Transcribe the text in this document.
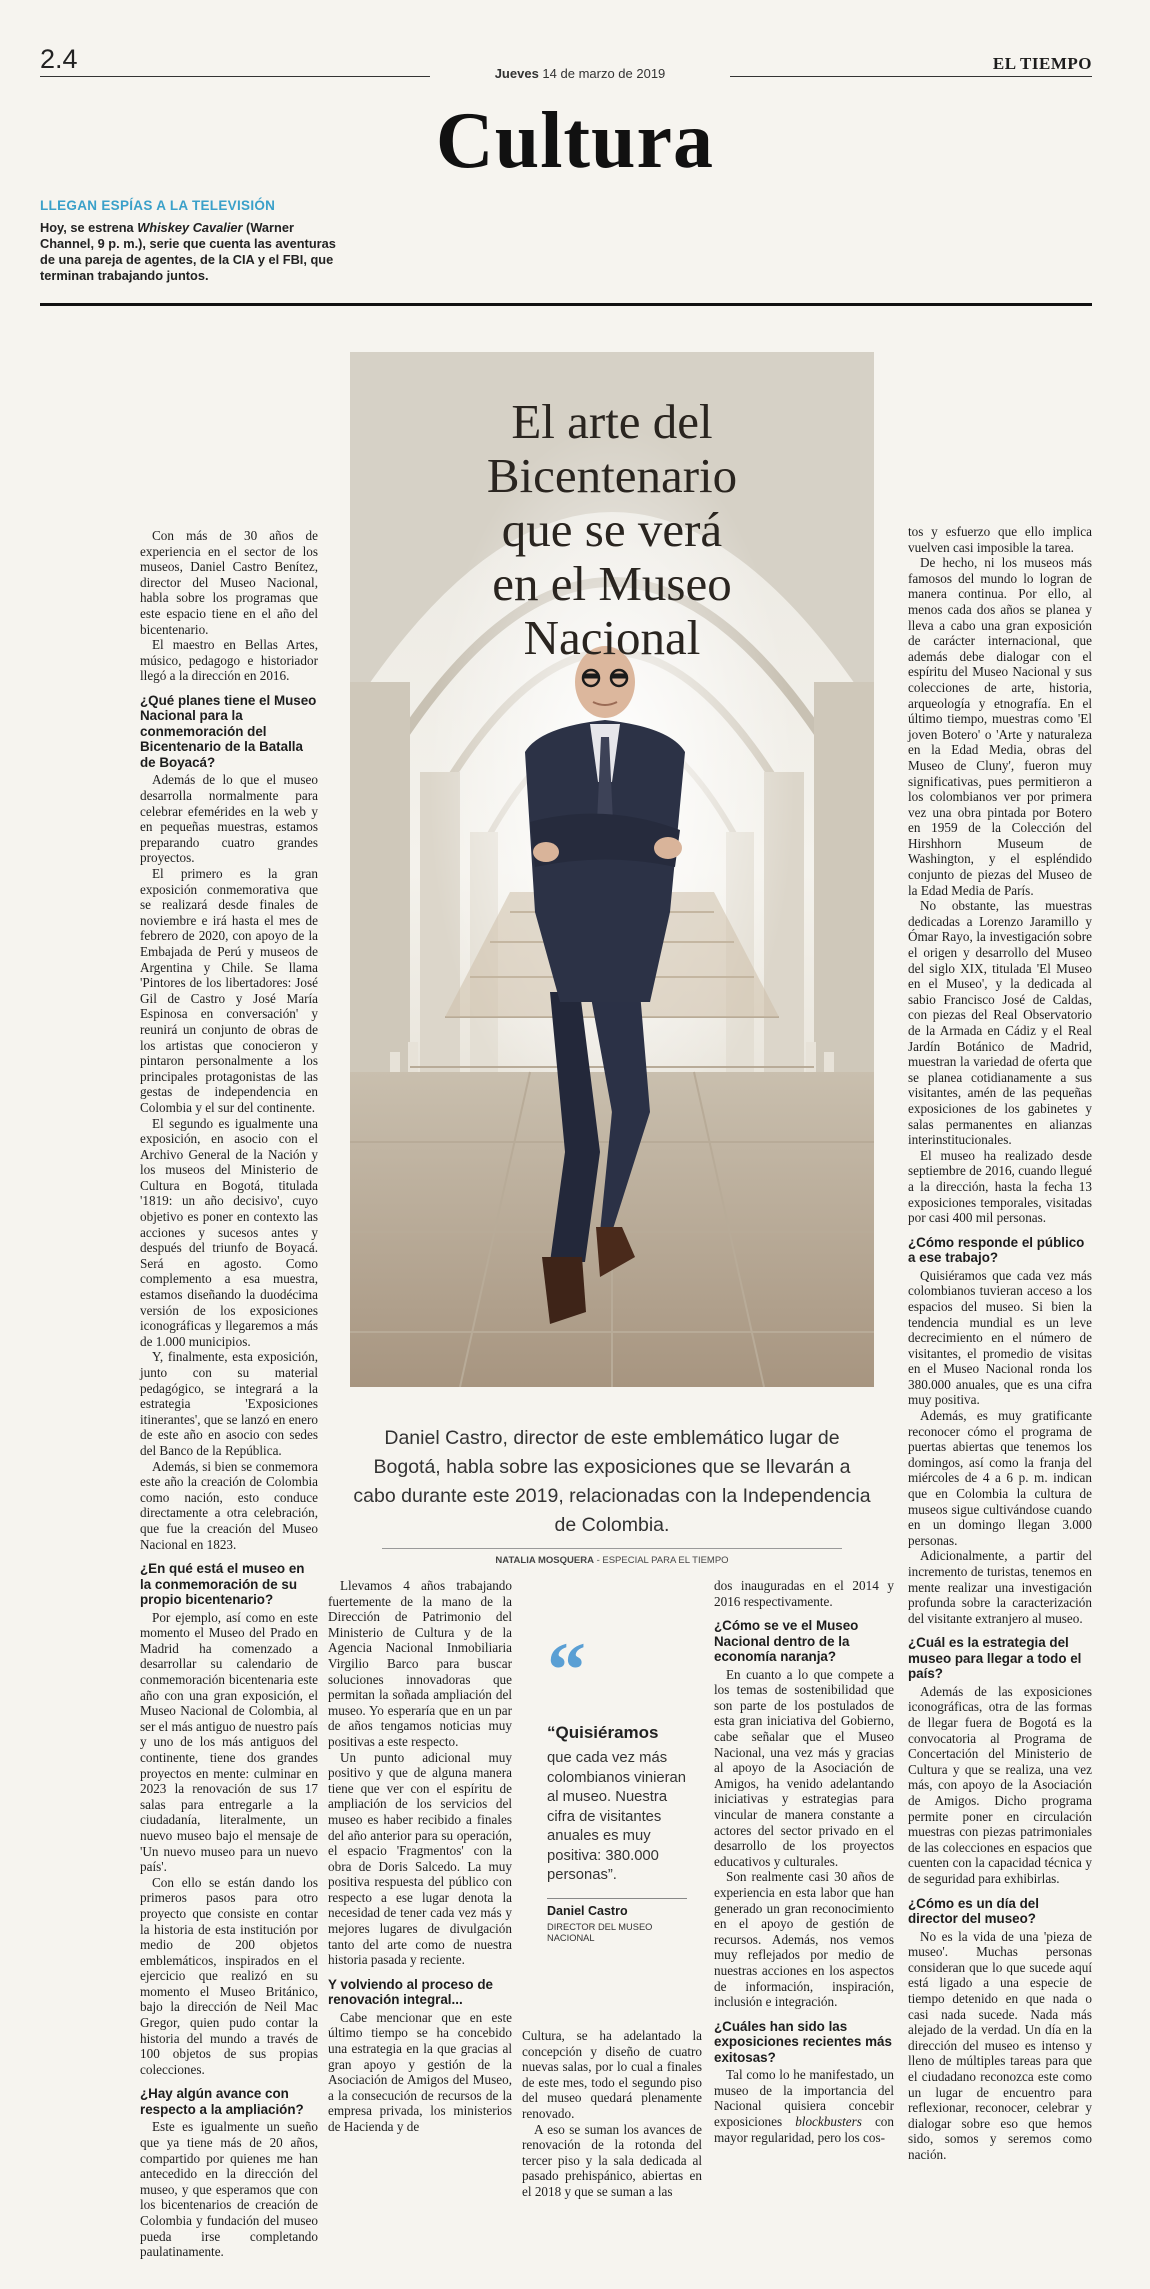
2.4	Jueves 14 de marzo de 2019
EL TIEMPO
Cultura
LLEGAN ESPÍAS A LA TELEVISIÓN
Hoy, se estrena Whiskey Cavalier (Warner Channel, 9 p. m.), serie que cuenta las aventuras de una pareja de agentes, de la CIA y el FBI, que terminan trabajando juntos.
El arte del
Bicentenario
que se verá
en el Museo
Nacional
Daniel Castro, director de este emblemático lugar de Bogotá, habla sobre las exposiciones que se llevarán a cabo durante este 2019, relacionadas con la Independencia de Colombia.
NATALIA MOSQUERA - ESPECIAL PARA EL TIEMPO

Con más de 30 años de experiencia en el sector de los museos, Daniel Castro Benítez, director del Museo Nacional, habla sobre los programas que este espacio tiene en el año del bicentenario.

El maestro en Bellas Artes, músico, pedagogo e historiador llegó a la dirección en 2016.

¿Qué planes tiene el Museo Nacional para la conmemoración del Bicentenario de la Batalla de Boyacá?

Además de lo que el museo desarrolla normalmente para celebrar efemérides en la web y en pequeñas muestras, estamos preparando cuatro grandes proyectos.

El primero es la gran exposición conmemorativa que se realizará desde finales de noviembre e irá hasta el mes de febrero de 2020, con apoyo de la Embajada de Perú y museos de Argentina y Chile. Se llama 'Pintores de los libertadores: José Gil de Castro y José María Espinosa en conversación' y reunirá un conjunto de obras de los artistas que conocieron y pintaron personalmente a los principales protagonistas de las gestas de independencia en Colombia y el sur del continente.

El segundo es igualmente una exposición, en asocio con el Archivo General de la Nación y los museos del Ministerio de Cultura en Bogotá, titulada '1819: un año decisivo', cuyo objetivo es poner en contexto las acciones y sucesos antes y después del triunfo de Boyacá. Será en agosto. Como complemento a esa muestra, estamos diseñando la duodécima versión de los exposiciones iconográficas y llegaremos a más de 1.000 municipios.

Y, finalmente, esta exposición, junto con su material pedagógico, se integrará a la estrategia 'Exposiciones itinerantes', que se lanzó en enero de este año en asocio con sedes del Banco de la República.

Además, si bien se conmemora este año la creación de Colombia como nación, esto conduce directamente a otra celebración, que fue la creación del Museo Nacional en 1823.

¿En qué está el museo en la conmemoración de su propio bicentenario?

Por ejemplo, así como en este momento el Museo del Prado en Madrid ha comenzado a desarrollar su calendario de conmemoración bicentenaria este año con una gran exposición, el Museo Nacional de Colombia, al ser el más antiguo de nuestro país y uno de los más antiguos del continente, tiene dos grandes proyectos en mente: culminar en 2023 la renovación de sus 17 salas para entregarle a la ciudadanía, literalmente, un nuevo museo bajo el mensaje de 'Un nuevo museo para un nuevo país'.

Con ello se están dando los primeros pasos para otro proyecto que consiste en contar la historia de esta institución por medio de 200 objetos emblemáticos, inspirados en el ejercicio que realizó en su momento el Museo Británico, bajo la dirección de Neil Mac Gregor, quien pudo contar la historia del mundo a través de 100 objetos de sus propias colecciones.

¿Hay algún avance con respecto a la ampliación?

Este es igualmente un sueño que ya tiene más de 20 años, compartido por quienes me han antecedido en la dirección del museo, y que esperamos que con los bicentenarios de creación de Colombia y fundación del museo pueda irse completando paulatinamente.

Llevamos 4 años trabajando fuertemente de la mano de la Dirección de Patrimonio del Ministerio de Cultura y de la Agencia Nacional Inmobiliaria Virgilio Barco para buscar soluciones innovadoras que permitan la soñada ampliación del museo. Yo esperaría que en un par de años tengamos noticias muy positivas a este respecto.

Un punto adicional muy positivo y que de alguna manera tiene que ver con el espíritu de ampliación de los servicios del museo es haber recibido a finales del año anterior para su operación, el espacio 'Fragmentos' con la obra de Doris Salcedo. La muy positiva respuesta del público con respecto a ese lugar denota la necesidad de tener cada vez más y mejores lugares de divulgación tanto del arte como de nuestra historia pasada y reciente.

Y volviendo al proceso de renovación integral...

Cabe mencionar que en este último tiempo se ha concebido una estrategia en la que gracias al gran apoyo y gestión de la Asociación de Amigos del Museo, a la consecución de recursos de la empresa privada, los ministerios de Hacienda y de

“
“Quisiéramos
que cada vez más colombianos vinieran al museo. Nuestra cifra de visitantes anuales es muy positiva: 380.000 personas”.
Daniel Castro
DIRECTOR DEL MUSEO NACIONAL

Cultura, se ha adelantado la concepción y diseño de cuatro nuevas salas, por lo cual a finales de este mes, todo el segundo piso del museo quedará plenamente renovado.

A eso se suman los avances de renovación de la rotonda del tercer piso y la sala dedicada al pasado prehispánico, abiertas en el 2018 y que se suman a las

dos inauguradas en el 2014 y 2016 respectivamente.

¿Cómo se ve el Museo Nacional dentro de la economía naranja?

En cuanto a lo que compete a los temas de sostenibilidad que son parte de los postulados de esta gran iniciativa del Gobierno, cabe señalar que el Museo Nacional, una vez más y gracias al apoyo de la Asociación de Amigos, ha venido adelantando iniciativas y estrategias para vincular de manera constante a actores del sector privado en el desarrollo de los proyectos educativos y culturales.

Son realmente casi 30 años de experiencia en esta labor que han generado un gran reconocimiento en el apoyo de gestión de recursos. Además, nos vemos muy reflejados por medio de nuestras acciones en los aspectos de información, inspiración, inclusión e integración.

¿Cuáles han sido las exposiciones recientes más exitosas?

Tal como lo he manifestado, un museo de la importancia del Nacional quisiera concebir exposiciones blockbusters con mayor regularidad, pero los cos-

tos y esfuerzo que ello implica vuelven casi imposible la tarea.

De hecho, ni los museos más famosos del mundo lo logran de manera continua. Por ello, al menos cada dos años se planea y lleva a cabo una gran exposición de carácter internacional, que además debe dialogar con el espíritu del Museo Nacional y sus colecciones de arte, historia, arqueología y etnografía. En el último tiempo, muestras como 'El joven Botero' o 'Arte y naturaleza en la Edad Media, obras del Museo de Cluny', fueron muy significativas, pues permitieron a los colombianos ver por primera vez una obra pintada por Botero en 1959 de la Colección del Hirshhorn Museum de Washington, y el espléndido conjunto de piezas del Museo de la Edad Media de París.

No obstante, las muestras dedicadas a Lorenzo Jaramillo y Ómar Rayo, la investigación sobre el origen y desarrollo del Museo del siglo XIX, titulada 'El Museo en el Museo', y la dedicada al sabio Francisco José de Caldas, con piezas del Real Observatorio de la Armada en Cádiz y el Real Jardín Botánico de Madrid, muestran la variedad de oferta que se planea cotidianamente a sus visitantes, amén de las pequeñas exposiciones de los gabinetes y salas permanentes en alianzas interinstitucionales.

El museo ha realizado desde septiembre de 2016, cuando llegué a la dirección, hasta la fecha 13 exposiciones temporales, visitadas por casi 400 mil personas.

¿Cómo responde el público a ese trabajo?

Quisiéramos que cada vez más colombianos tuvieran acceso a los espacios del museo. Si bien la tendencia mundial es un leve decrecimiento en el número de visitantes, el promedio de visitas en el Museo Nacional ronda los 380.000 anuales, que es una cifra muy positiva.

Además, es muy gratificante reconocer cómo el programa de puertas abiertas que tenemos los domingos, así como la franja del miércoles de 4 a 6 p. m. indican que en Colombia la cultura de museos sigue cultivándose cuando en un domingo llegan 3.000 personas.

Adicionalmente, a partir del incremento de turistas, tenemos en mente realizar una investigación profunda sobre la caracterización del visitante extranjero al museo.

¿Cuál es la estrategia del museo para llegar a todo el país?

Además de las exposiciones iconográficas, otra de las formas de llegar fuera de Bogotá es la convocatoria al Programa de Concertación del Ministerio de Cultura y que se realiza, una vez más, con apoyo de la Asociación de Amigos. Dicho programa permite poner en circulación muestras con piezas patrimoniales de las colecciones en espacios que cuenten con la capacidad técnica y de seguridad para exhibirlas.

¿Cómo es un día del director del museo?

No es la vida de una 'pieza de museo'. Muchas personas consideran que lo que sucede aquí está ligado a una especie de tiempo detenido en que nada o casi nada sucede. Nada más alejado de la verdad. Un día en la dirección del museo es intenso y lleno de múltiples tareas para que el ciudadano reconozca este como un lugar de encuentro para reflexionar, reconocer, celebrar y dialogar sobre eso que hemos sido, somos y seremos como nación.
